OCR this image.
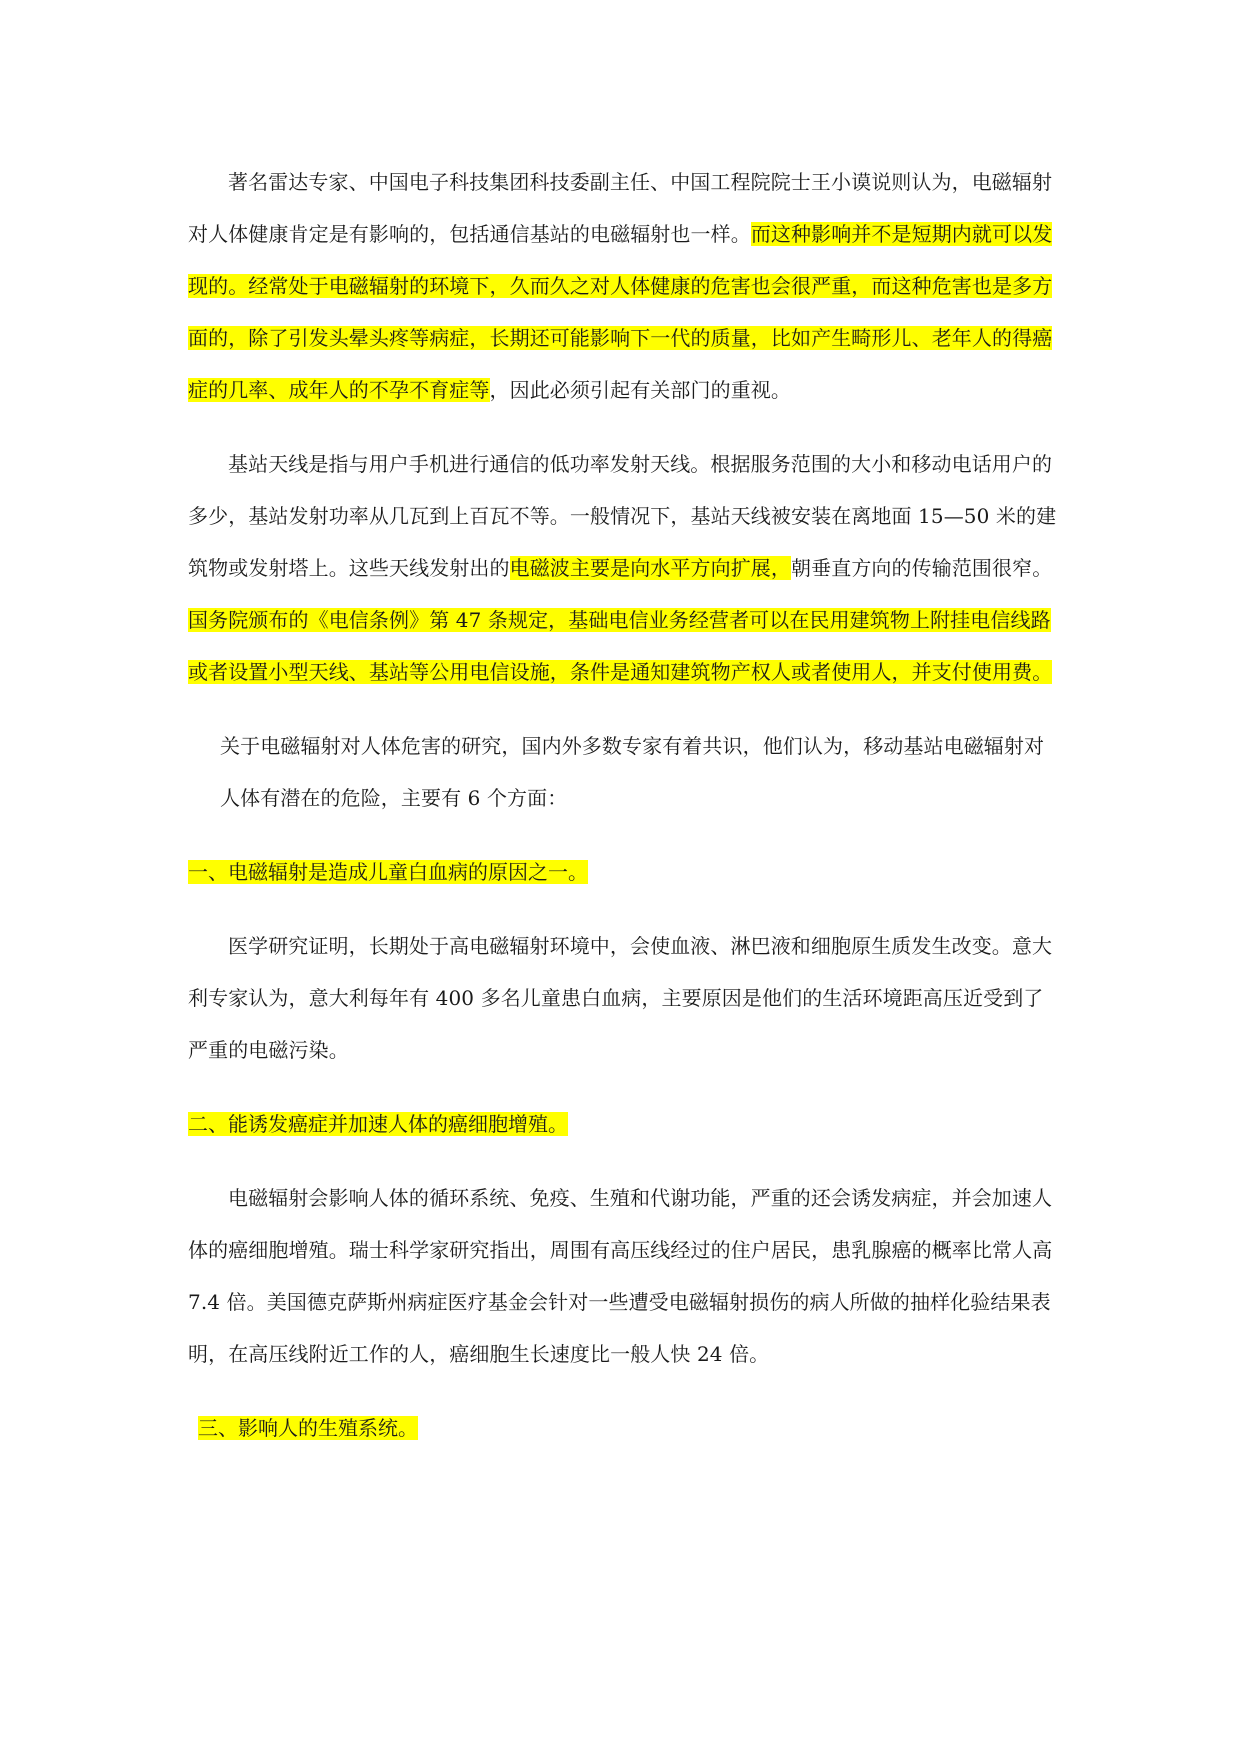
著名雷达专家、中国电子科技集团科技委副主任、中国工程院院士王小谟说则认为，电磁辐射对人体健康肯定是有影响的，包括通信基站的电磁辐射也一样。而这种影响并不是短期内就可以发现的。经常处于电磁辐射的环境下，久而久之对人体健康的危害也会很严重，而这种危害也是多方面的，除了引发头晕头疼等病症，长期还可能影响下一代的质量，比如产生畸形儿、老年人的得癌症的几率、成年人的不孕不育症等，因此必须引起有关部门的重视。

基站天线是指与用户手机进行通信的低功率发射天线。根据服务范围的大小和移动电话用户的多少，基站发射功率从几瓦到上百瓦不等。一般情况下，基站天线被安装在离地面 15—50 米的建筑物或发射塔上。这些天线发射出的电磁波主要是向水平方向扩展，朝垂直方向的传输范围很窄。国务院颁布的《电信条例》第 47 条规定，基础电信业务经营者可以在民用建筑物上附挂电信线路或者设置小型天线、基站等公用电信设施，条件是通知建筑物产权人或者使用人，并支付使用费。

关于电磁辐射对人体危害的研究，国内外多数专家有着共识，他们认为，移动基站电磁辐射对人体有潜在的危险，主要有 6 个方面：

一、电磁辐射是造成儿童白血病的原因之一。

医学研究证明，长期处于高电磁辐射环境中，会使血液、淋巴液和细胞原生质发生改变。意大利专家认为，意大利每年有 400 多名儿童患白血病，主要原因是他们的生活环境距高压近受到了严重的电磁污染。

二、能诱发癌症并加速人体的癌细胞增殖。

电磁辐射会影响人体的循环系统、免疫、生殖和代谢功能，严重的还会诱发病症，并会加速人体的癌细胞增殖。瑞士科学家研究指出，周围有高压线经过的住户居民，患乳腺癌的概率比常人高 7.4 倍。美国德克萨斯州病症医疗基金会针对一些遭受电磁辐射损伤的病人所做的抽样化验结果表明，在高压线附近工作的人，癌细胞生长速度比一般人快 24 倍。

三、影响人的生殖系统。
